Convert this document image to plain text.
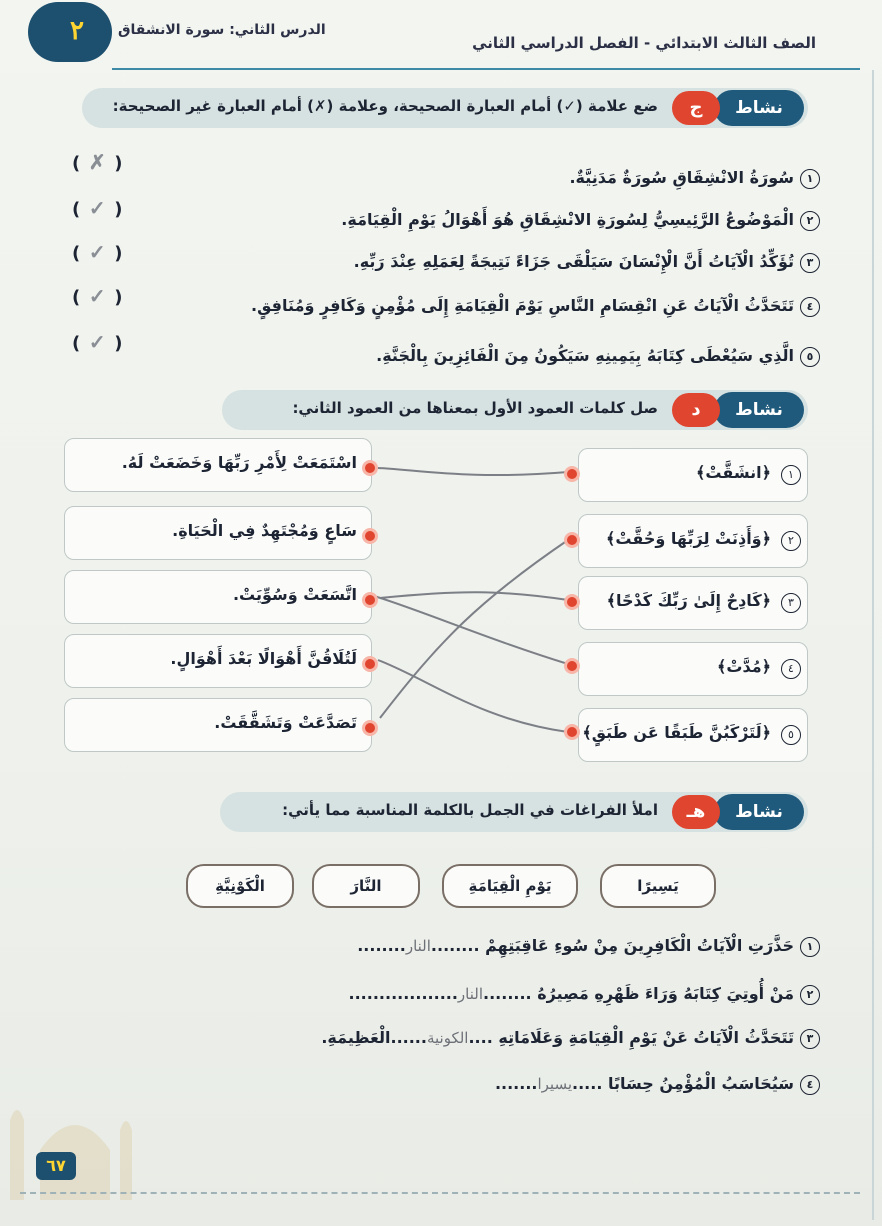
٢ الدرس الثاني: سورة الانشقاق
الصف الثالث الابتدائي - الفصل الدراسي الثاني
نشاط
ج
ضع علامة (✓) أمام العبارة الصحيحة، وعلامة (✗) أمام العبارة غير الصحيحة:
١سُورَةُ الانْشِقَاقِ سُورَةٌ مَدَنِيَّةٌ.
(✗)
٢الْمَوْضُوعُ الرَّئِيسِيُّ لِسُورَةِ الانْشِقَاقِ هُوَ أَهْوَالُ يَوْمِ الْقِيَامَةِ.
(✓)
٣تُؤَكِّدُ الْآيَاتُ أَنَّ الْإِنْسَانَ سَيَلْقَى جَزَاءً نَتِيجَةً لِعَمَلِهِ عِنْدَ رَبِّهِ.
(✓)
٤تَتَحَدَّثُ الْآيَاتُ عَنِ انْقِسَامِ النَّاسِ يَوْمَ الْقِيَامَةِ إِلَى مُؤْمِنٍ وَكَافِرٍ وَمُنَافِقٍ.
(✓)
٥الَّذِي سَيُعْطَى كِتَابَهُ بِيَمِينِهِ سَيَكُونُ مِنَ الْفَائِزِينَ بِالْجَنَّةِ.
(✓)
نشاط
د
صل كلمات العمود الأول بمعناها من العمود الثاني:
١
﴿انشَقَّتْ﴾
٢
﴿وَأَذِنَتْ لِرَبِّهَا وَحُقَّتْ﴾
٣
﴿كَادِحٌ إِلَىٰ رَبِّكَ كَدْحًا﴾
٤
﴿مُدَّتْ﴾
٥
﴿لَتَرْكَبُنَّ طَبَقًا عَن طَبَقٍ﴾
اسْتَمَعَتْ لِأَمْرِ رَبِّهَا وَخَضَعَتْ لَهُ.
سَاعٍ وَمُجْتَهِدٌ فِي الْحَيَاةِ.
اتَّسَعَتْ وَسُوِّيَتْ.
لَتُلَاقُنَّ أَهْوَالًا بَعْدَ أَهْوَالٍ.
تَصَدَّعَتْ وَتَشَقَّقَتْ.
نشاط
هـ
املأ الفراغات في الجمل بالكلمة المناسبة مما يأتي:
يَسِيرًا
يَوْمِ الْقِيَامَةِ
النَّارَ
الْكَوْنِيَّةِ
١حَذَّرَتِ الْآيَاتُ الْكَافِرِينَ مِنْ سُوءِ عَاقِبَتِهِمْ ........النار........
٢مَنْ أُوتِيَ كِتَابَهُ وَرَاءَ ظَهْرِهِ مَصِيرُهُ ........النار..................
٣تَتَحَدَّثُ الْآيَاتُ عَنْ يَوْمِ الْقِيَامَةِ وَعَلَامَاتِهِ ....الكونية......الْعَظِيمَةِ.
٤سَيُحَاسَبُ الْمُؤْمِنُ حِسَابًا .....يسيرا.......
٦٧
